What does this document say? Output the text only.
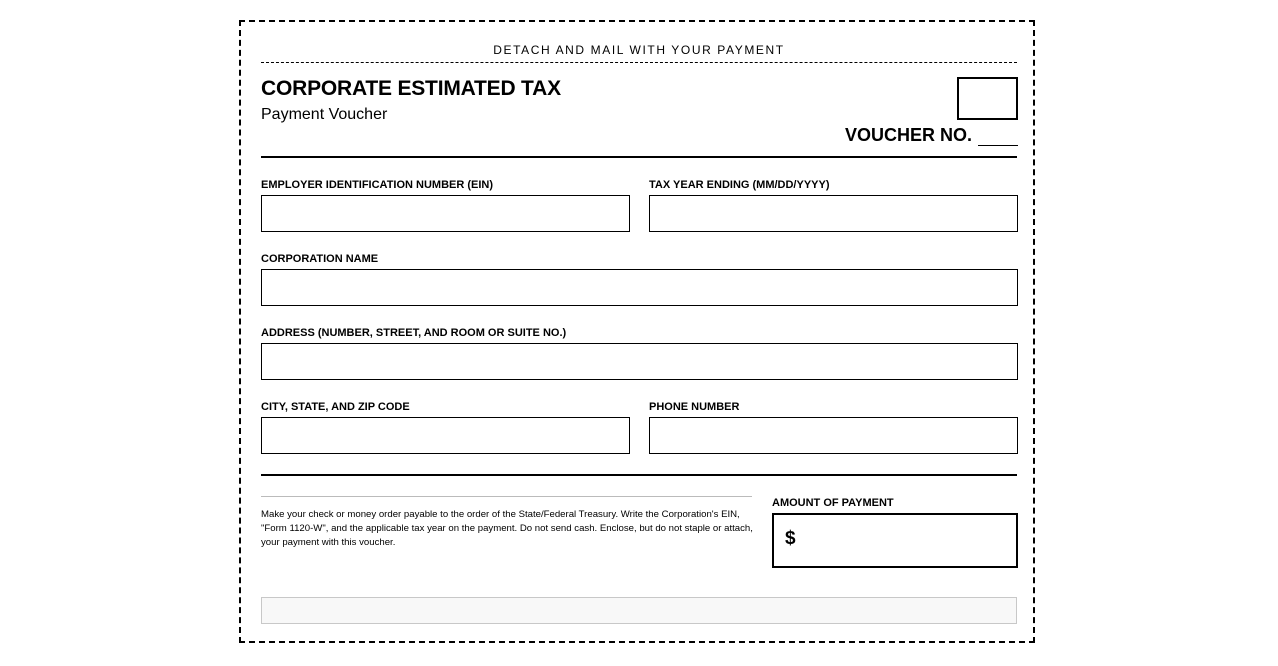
DETACH AND MAIL WITH YOUR PAYMENT
CORPORATE ESTIMATED TAX
Payment Voucher
VOUCHER NO.
EMPLOYER IDENTIFICATION NUMBER (EIN)	TAX YEAR ENDING (MM/DD/YYYY)
CORPORATION NAME
ADDRESS (NUMBER, STREET, AND ROOM OR SUITE NO.)
CITY, STATE, AND ZIP CODE	PHONE NUMBER
Make your check or money order payable to the order of the State/Federal Treasury. Write the Corporation's EIN, "Form 1120-W", and the applicable tax year on the payment. Do not send cash. Enclose, but do not staple or attach, your payment with this voucher.
AMOUNT OF PAYMENT
$
